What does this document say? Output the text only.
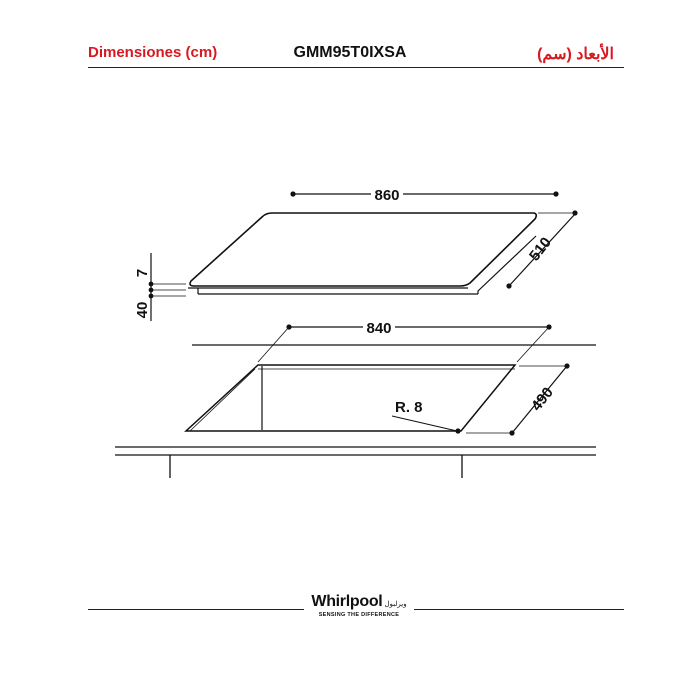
Dimensiones (cm)	GMM95T0IXSA	الأبعاد (سم)
860
840
510
490
7
40
R. 8
Whirlpool ويرلبول
SENSING THE DIFFERENCE
